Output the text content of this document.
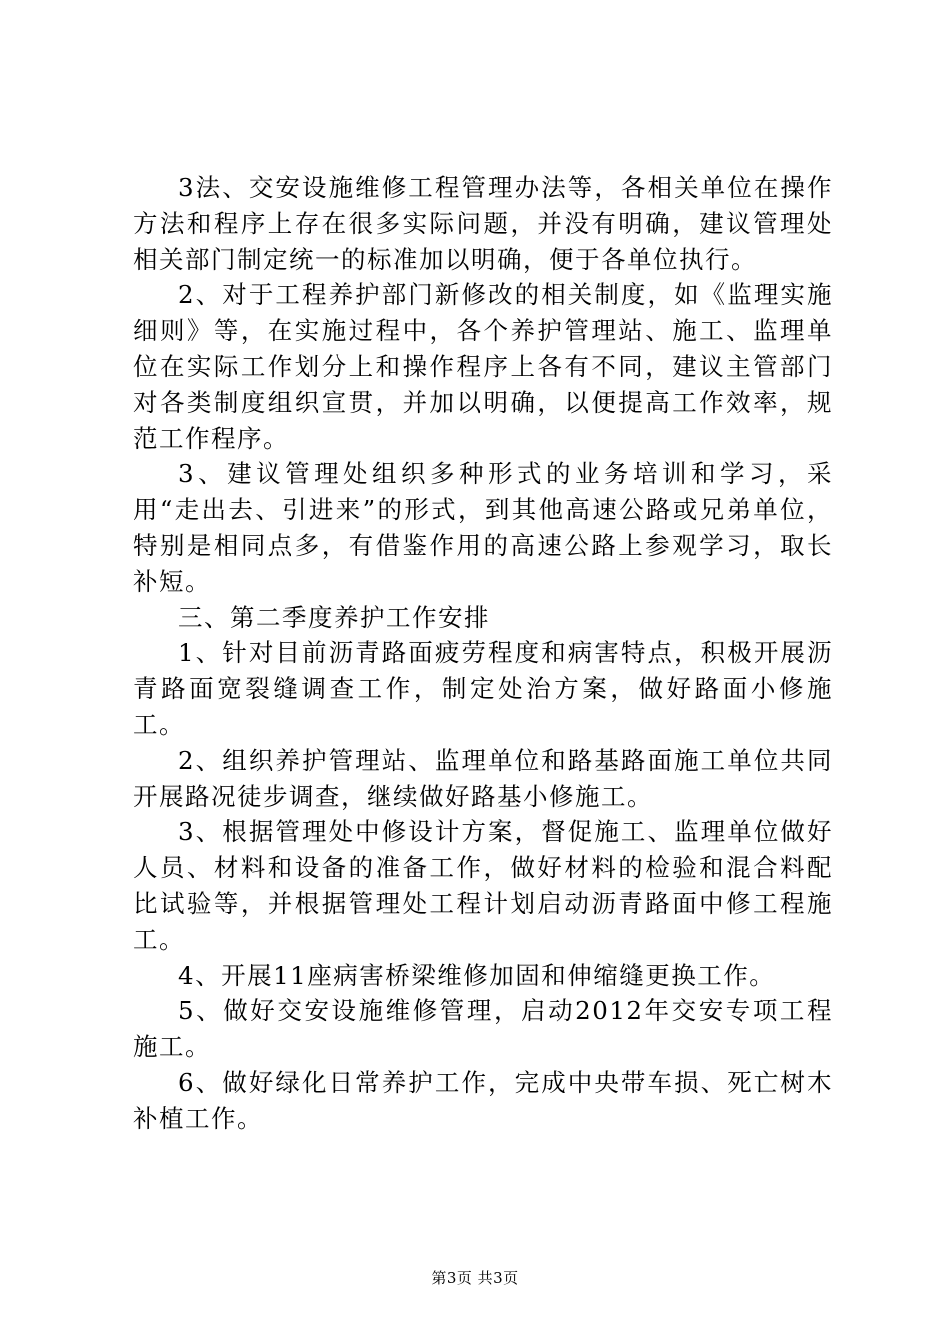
3法、交安设施维修工程管理办法等，各相关单位在操作方法和程序上存在很多实际问题，并没有明确，建议管理处相关部门制定统一的标准加以明确，便于各单位执行。

2、对于工程养护部门新修改的相关制度，如《监理实施细则》等，在实施过程中，各个养护管理站、施工、监理单位在实际工作划分上和操作程序上各有不同，建议主管部门对各类制度组织宣贯，并加以明确，以便提高工作效率，规范工作程序。

3、建议管理处组织多种形式的业务培训和学习，采用“走出去、引进来”的形式，到其他高速公路或兄弟单位，特别是相同点多，有借鉴作用的高速公路上参观学习，取长补短。

三、第二季度养护工作安排

1、针对目前沥青路面疲劳程度和病害特点，积极开展沥青路面宽裂缝调查工作，制定处治方案，做好路面小修施工。

2、组织养护管理站、监理单位和路基路面施工单位共同开展路况徒步调查，继续做好路基小修施工。

3、根据管理处中修设计方案，督促施工、监理单位做好人员、材料和设备的准备工作，做好材料的检验和混合料配比试验等，并根据管理处工程计划启动沥青路面中修工程施工。

4、开展11座病害桥梁维修加固和伸缩缝更换工作。

5、做好交安设施维修管理，启动2012年交安专项工程施工。

6、做好绿化日常养护工作，完成中央带车损、死亡树木补植工作。

第3页 共3页
